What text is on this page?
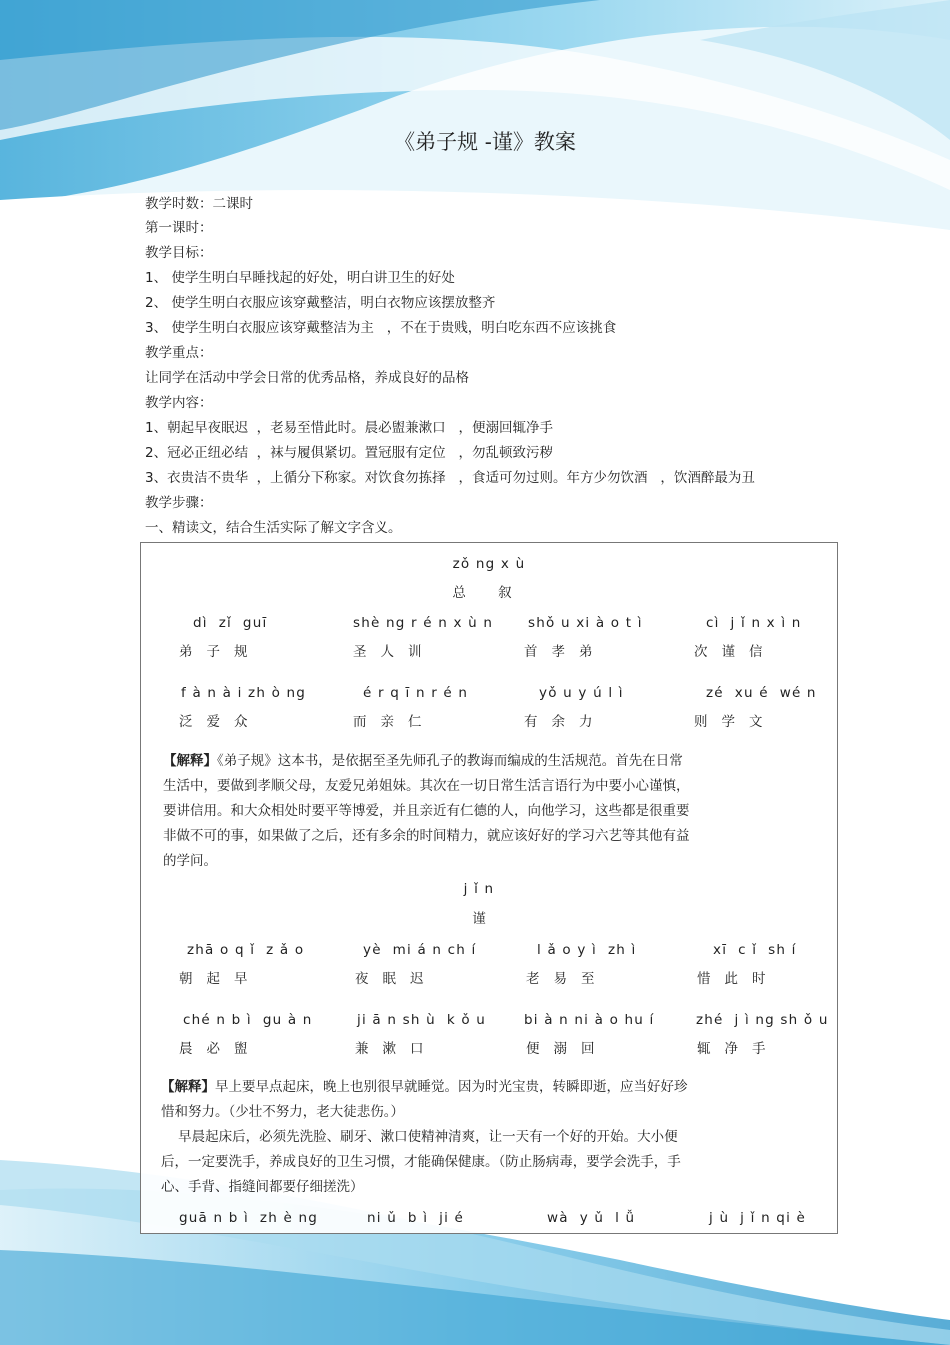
《弟子规 -谨》教案
教学时数：二课时
第一课时：
教学目标：
1、 使学生明白早睡找起的好处，明白讲卫生的好处
2、 使学生明白衣服应该穿戴整洁，明白衣物应该摆放整齐
3、 使学生明白衣服应该穿戴整洁为主   ，不在于贵贱，明白吃东西不应该挑食
教学重点：
让同学在活动中学会日常的优秀品格，养成良好的品格
教学内容：
1、朝起早夜眠迟  ，老易至惜此时。晨必盥兼漱口   ，便溺回辄净手
2、冠必正纽必结  ，袜与履俱紧切。置冠服有定位   ，勿乱顿致污秽
3、衣贵洁不贵华  ，上循分下称家。对饮食勿拣择   ，食适可勿过则。年方少勿饮酒   ，饮酒醉最为丑
教学步骤：
一、精读文，结合生活实际了解文字含义。
zǒ ng x ù
总 叙
dì  zǐ  guī	shè ng r é n x ù n	shǒ u xi à o t ì	cì  j ǐ n x ì n
弟子规	圣人训	首孝弟	次谨信
f à n à i zh ò ng	é r q ī n r é n	yǒ u y ú l ì	zé  xu é  wé n
泛爱众	而亲仁	有余力	则学文
【解释】《弟子规》这本书，是依据至圣先师孔子的教诲而编成的生活规范。首先在日常
生活中，要做到孝顺父母，友爱兄弟姐妹。其次在一切日常生活言语行为中要小心谨慎，
要讲信用。和大众相处时要平等博爱，并且亲近有仁德的人，向他学习，这些都是很重要
非做不可的事，如果做了之后，还有多余的时间精力，就应该好好的学习六艺等其他有益
的学问。
j ǐ n
谨
zhā o q ǐ  z ǎ o	yè  mi á n ch í	l ǎ o y ì  zh ì	xī  c ǐ  sh í
朝起早	夜眠迟	老易至	惜此时
ché n b ì  gu à n	ji ā n sh ù  k ǒ u	bi à n ni à o hu í	zhé  j ì ng sh ǒ u
晨必盥	兼漱口	便溺回	辄净手
【解释】早上要早点起床，晚上也别很早就睡觉。因为时光宝贵，转瞬即逝，应当好好珍
惜和努力。（少壮不努力，老大徒悲伤。）
早晨起床后，必须先洗脸、刷牙、漱口使精神清爽，让一天有一个好的开始。大小便
后，一定要洗手，养成良好的卫生习惯，才能确保健康。（防止肠病毒，要学会洗手，手
心、手背、指缝间都要仔细搓洗）
guā n b ì  zh è ng	ni ǔ  b ì  ji é	wà  y ǔ  l ǚ	j ù  j ǐ n qi è
